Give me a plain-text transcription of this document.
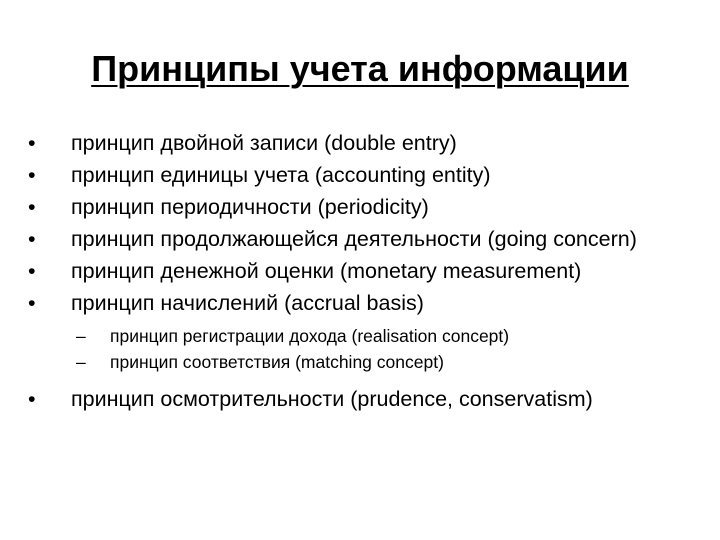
Принципы учета информации
• принцип двойной записи (double entry)
• принцип единицы учета (accounting entity)
• принцип периодичности (periodicity)
• принцип продолжающейся деятельности (going concern)
• принцип денежной оценки (monetary measurement)
• принцип начислений (accrual basis)
– принцип регистрации дохода (realisation concept)
– принцип соответствия (matching concept)
• принцип осмотрительности (prudence, conservatism)
